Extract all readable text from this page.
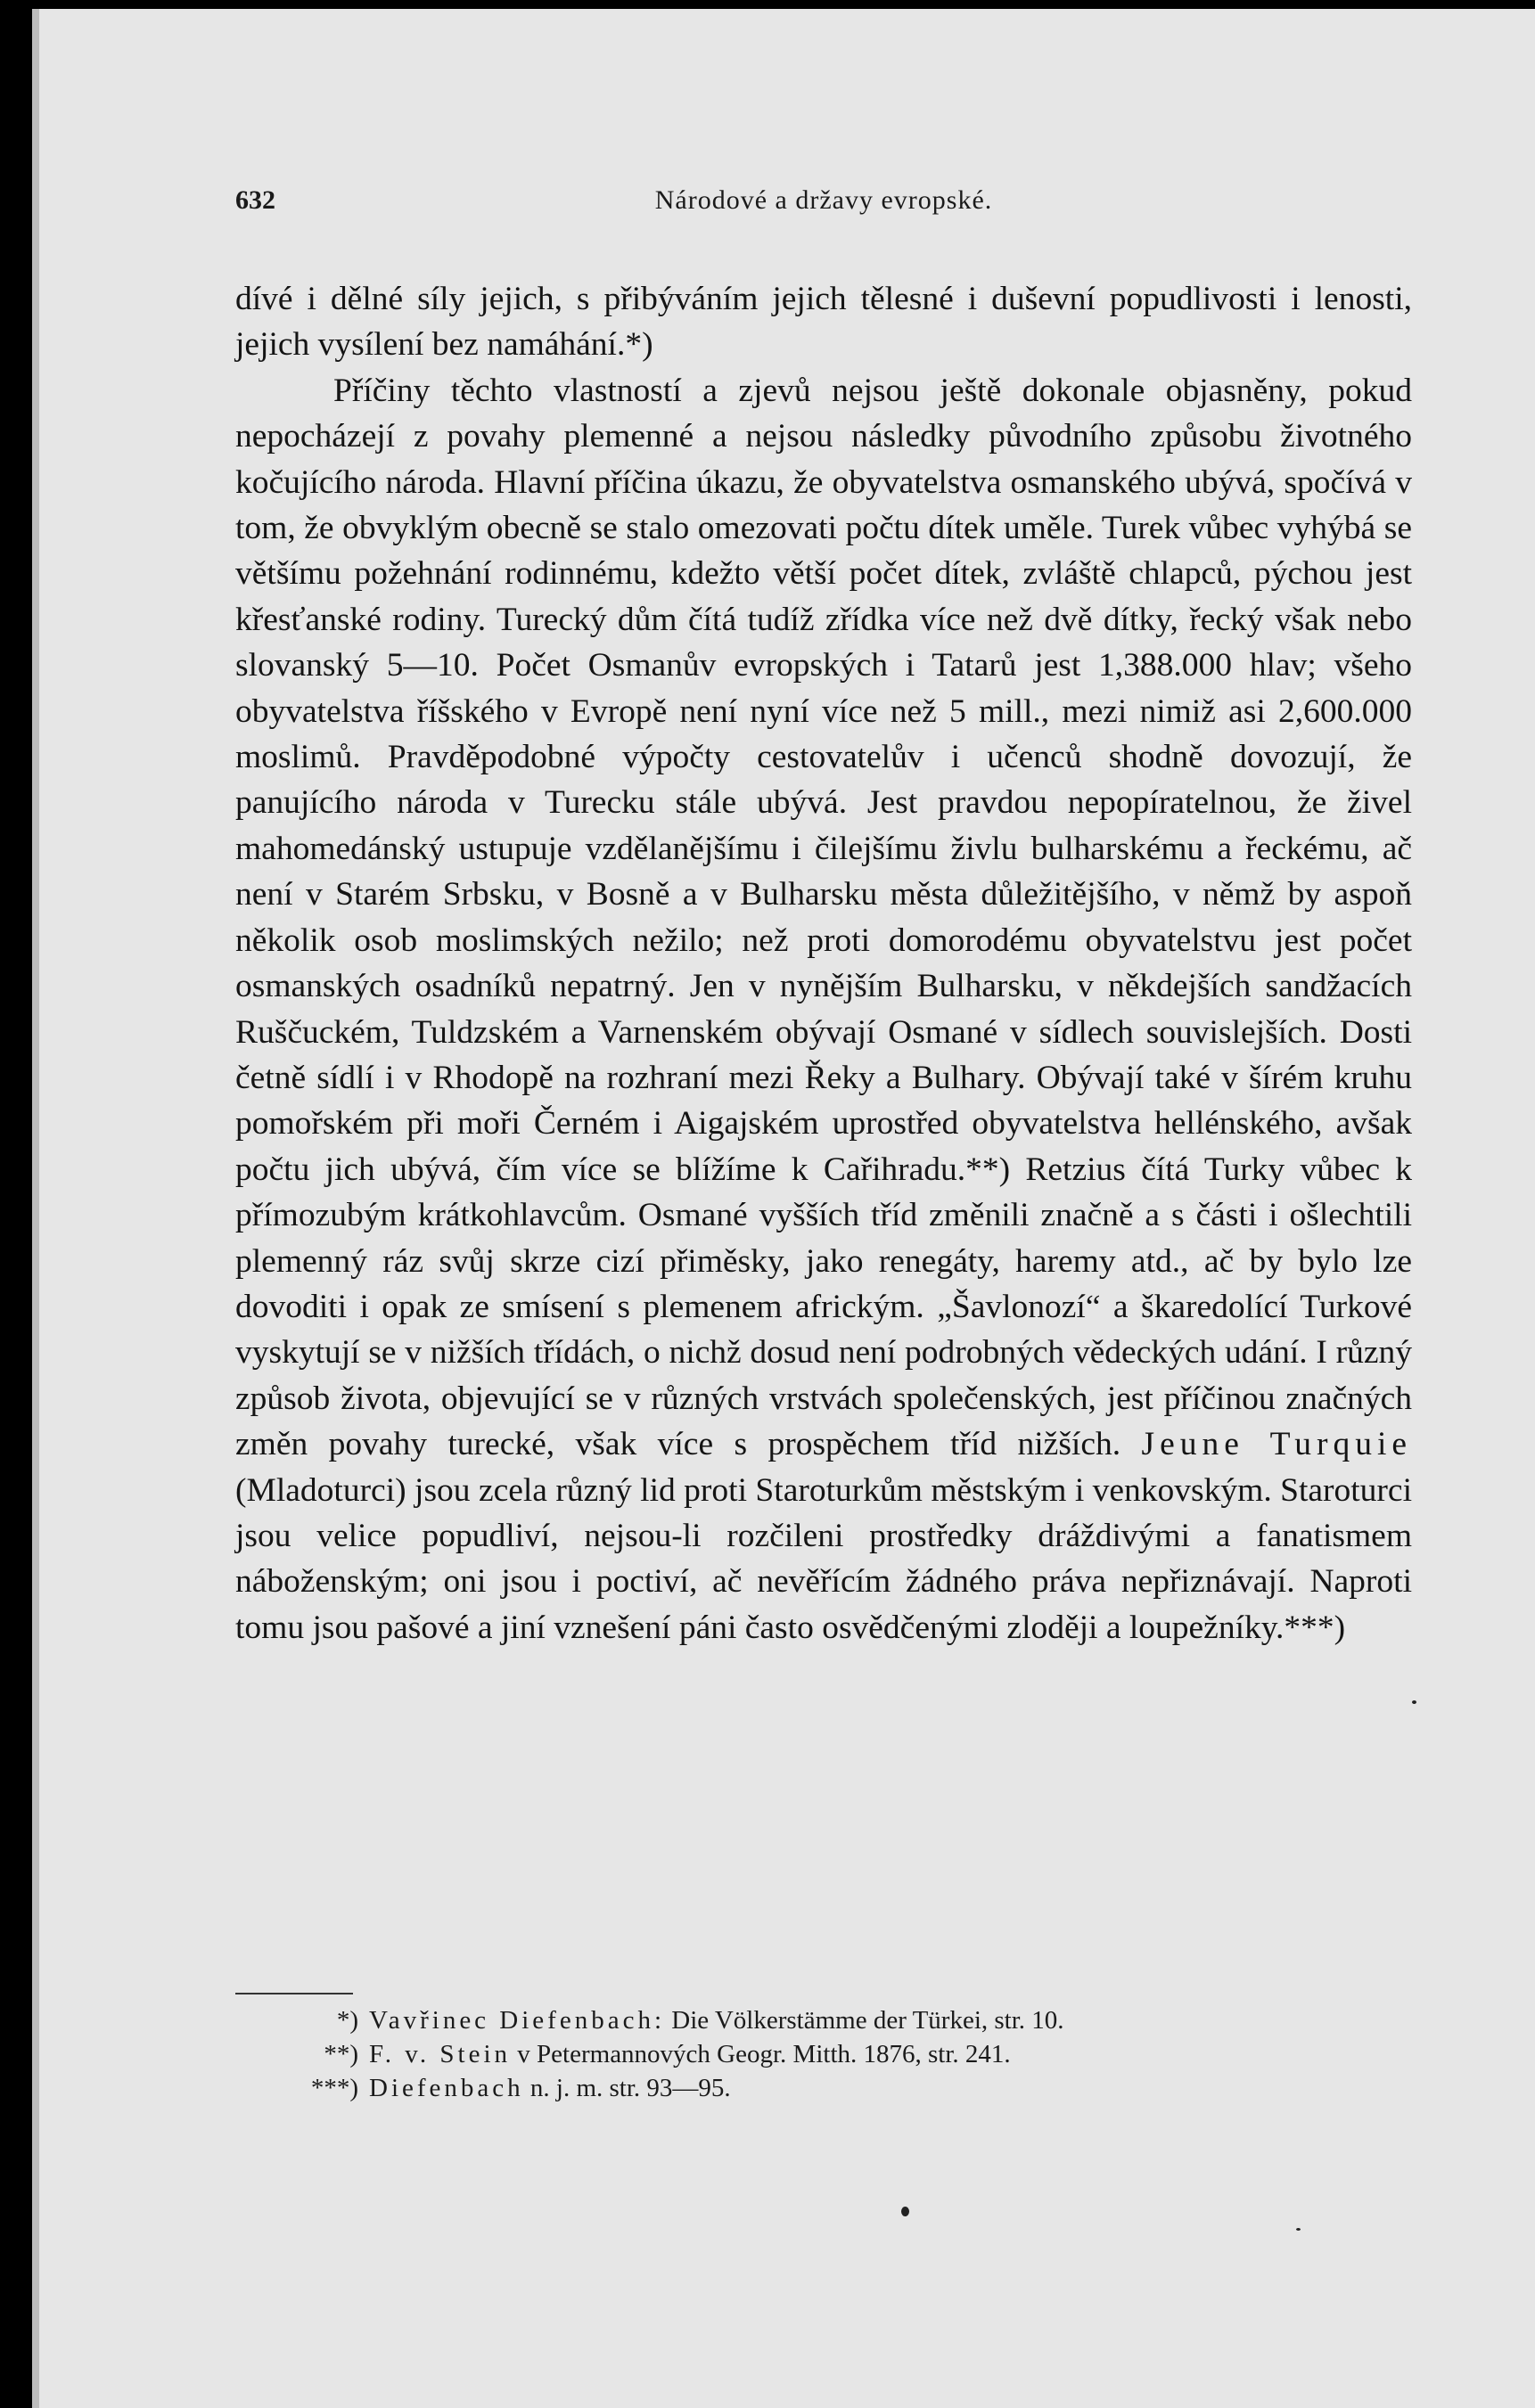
632	Národové a državy evropské.

dívé i dělné síly jejich, s přibýváním jejich tělesné i duševní popudlivosti i lenosti, jejich vysílení bez namáhání.*)

Příčiny těchto vlastností a zjevů nejsou ještě dokonale objasněny, pokud nepocházejí z povahy plemenné a nejsou následky původního způsobu životného kočujícího národa. Hlavní příčina úkazu, že obyvatelstva osmanského ubývá, spočívá v tom, že obvyklým obecně se stalo omezovati počtu dítek uměle. Turek vůbec vyhýbá se většímu požehnání rodinnému, kdežto větší počet dítek, zvláště chlapců, pýchou jest křesťanské rodiny. Turecký dům čítá tudíž zřídka více než dvě dítky, řecký však nebo slovanský 5—10. Počet Osmanův evropských i Tatarů jest 1,388.000 hlav; všeho obyvatelstva říšského v Evropě není nyní více než 5 mill., mezi nimiž asi 2,600.000 moslimů. Pravděpodobné výpočty cestovatelův i učenců shodně dovozují, že panujícího národa v Turecku stále ubývá. Jest pravdou nepopíratelnou, že živel mahomedánský ustupuje vzdělanějšímu i čilejšímu živlu bulharskému a řeckému, ač není v Starém Srbsku, v Bosně a v Bulharsku města důležitějšího, v němž by aspoň několik osob moslimských nežilo; než proti domorodému obyvatelstvu jest počet osmanských osadníků nepatrný. Jen v nynějším Bulharsku, v někdejších sandžacích Ruščuckém, Tuldzském a Varnenském obývají Osmané v sídlech souvislejších. Dosti četně sídlí i v Rhodopě na rozhraní mezi Řeky a Bulhary. Obývají také v šírém kruhu pomořském při moři Černém i Aigajském uprostřed obyvatelstva hellénského, avšak počtu jich ubývá, čím více se blížíme k Cařihradu.**) Retzius čítá Turky vůbec k přímozubým krátkohlavcům. Osmané vyšších tříd změnili značně a s části i ošlechtili plemenný ráz svůj skrze cizí přiměsky, jako renegáty, haremy atd., ač by bylo lze dovoditi i opak ze smísení s plemenem africkým. „Šavlonozí“ a škaredolící Turkové vyskytují se v nižších třídách, o nichž dosud není podrobných vědeckých udání. I různý způsob života, objevující se v různých vrstvách společenských, jest příčinou značných změn povahy turecké, však více s prospěchem tříd nižších. Jeune Turquie (Mladoturci) jsou zcela různý lid proti Staroturkům městským i venkovským. Staroturci jsou velice popudliví, nejsou-li rozčileni prostředky dráždivými a fanatismem náboženským; oni jsou i poctiví, ač nevěřícím žádného práva nepřiznávají. Naproti tomu jsou pašové a jiní vznešení páni často osvědčenými zloději a loupežníky.***)

*) Vavřinec Diefenbach:
Die Völkerstämme der Türkei, str. 10.
**) F. v. Stein
v Petermannových Geogr. Mitth. 1876, str. 241.
***) Diefenbach
n. j. m. str. 93—95.
